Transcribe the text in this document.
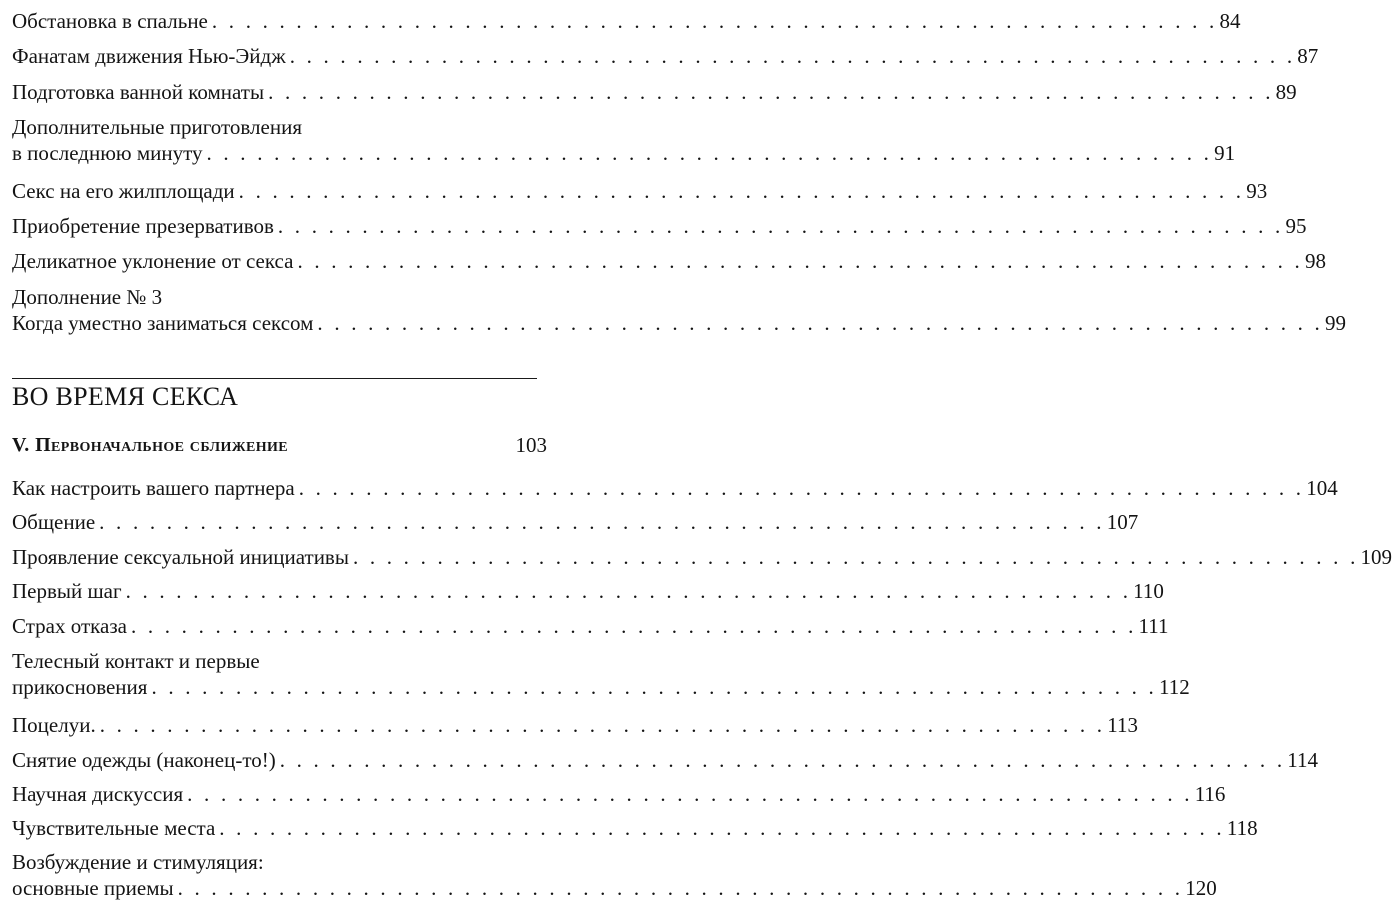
Обстановка в спальне . . . . . . . . . . . . . . . . . . . . . . . . . . . . . . . . . . . . . . . . . . . . . . . . . . . . . . . . . . . . 84
Фанатам движения Нью-Эйдж . . . . . . . . . . . . . . . . . . . . . . . . . . . . . . . . . . . . . . . . . . . . . . . . . . . . . . . . . . . . 87
Подготовка ванной комнаты . . . . . . . . . . . . . . . . . . . . . . . . . . . . . . . . . . . . . . . . . . . . . . . . . . . . . . . . . . . . 89
Дополнительные приготовления
в последнюю минуту . . . . . . . . . . . . . . . . . . . . . . . . . . . . . . . . . . . . . . . . . . . . . . . . . . . . . . . . . . . . 91
Секс на его жилплощади . . . . . . . . . . . . . . . . . . . . . . . . . . . . . . . . . . . . . . . . . . . . . . . . . . . . . . . . . . . . 93
Приобретение презервативов . . . . . . . . . . . . . . . . . . . . . . . . . . . . . . . . . . . . . . . . . . . . . . . . . . . . . . . . . . . . 95
Деликатное уклонение от секса . . . . . . . . . . . . . . . . . . . . . . . . . . . . . . . . . . . . . . . . . . . . . . . . . . . . . . . . . . . . 98
Дополнение № 3
Когда уместно заниматься сексом . . . . . . . . . . . . . . . . . . . . . . . . . . . . . . . . . . . . . . . . . . . . . . . . . . . . . . . . . . . . 99
ВО ВРЕМЯ СЕКСА
V. Первоначальное сближение	103
Как настроить вашего партнера . . . . . . . . . . . . . . . . . . . . . . . . . . . . . . . . . . . . . . . . . . . . . . . . . . . . . . . . . . . . 104
Общение . . . . . . . . . . . . . . . . . . . . . . . . . . . . . . . . . . . . . . . . . . . . . . . . . . . . . . . . . . . . 107
Проявление сексуальной инициативы . . . . . . . . . . . . . . . . . . . . . . . . . . . . . . . . . . . . . . . . . . . . . . . . . . . . . . . . . . . . 109
Первый шаг . . . . . . . . . . . . . . . . . . . . . . . . . . . . . . . . . . . . . . . . . . . . . . . . . . . . . . . . . . . . 110
Страх отказа . . . . . . . . . . . . . . . . . . . . . . . . . . . . . . . . . . . . . . . . . . . . . . . . . . . . . . . . . . . . 111
Телесный контакт и первые
прикосновения . . . . . . . . . . . . . . . . . . . . . . . . . . . . . . . . . . . . . . . . . . . . . . . . . . . . . . . . . . . . 112
Поцелуи. . . . . . . . . . . . . . . . . . . . . . . . . . . . . . . . . . . . . . . . . . . . . . . . . . . . . . . . . . . . . 113
Снятие одежды (наконец-то!) . . . . . . . . . . . . . . . . . . . . . . . . . . . . . . . . . . . . . . . . . . . . . . . . . . . . . . . . . . . . 114
Научная дискуссия . . . . . . . . . . . . . . . . . . . . . . . . . . . . . . . . . . . . . . . . . . . . . . . . . . . . . . . . . . . . 116
Чувствительные места . . . . . . . . . . . . . . . . . . . . . . . . . . . . . . . . . . . . . . . . . . . . . . . . . . . . . . . . . . . . 118
Возбуждение и стимуляция:
основные приемы . . . . . . . . . . . . . . . . . . . . . . . . . . . . . . . . . . . . . . . . . . . . . . . . . . . . . . . . . . . . 120
